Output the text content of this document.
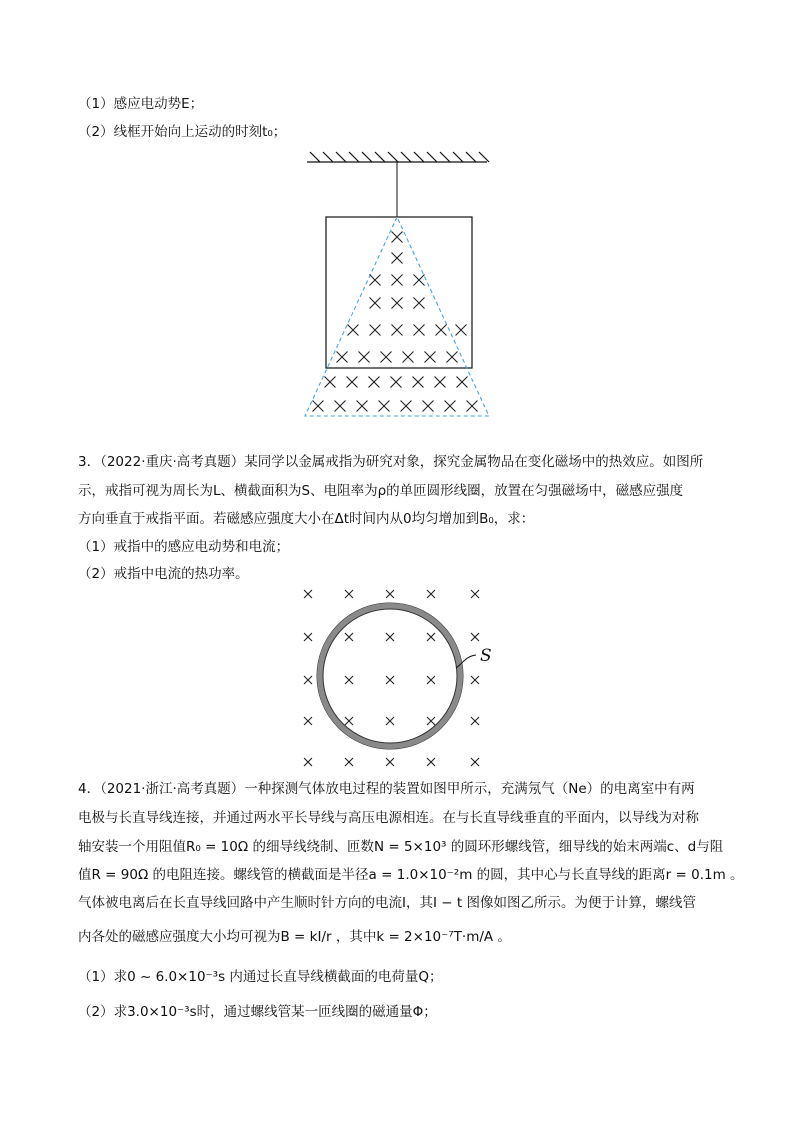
（1）感应电动势E；
（2）线框开始向上运动的时刻t₀；
3．（2022·重庆·高考真题）某同学以金属戒指为研究对象，探究金属物品在变化磁场中的热效应。如图所
示，戒指可视为周长为L、横截面积为S、电阻率为ρ的单匝圆形线圈，放置在匀强磁场中，磁感应强度
方向垂直于戒指平面。若磁感应强度大小在Δt时间内从0均匀增加到B₀，求：
（1）戒指中的感应电动势和电流；
（2）戒指中电流的热功率。
S
4．（2021·浙江·高考真题）一种探测气体放电过程的装置如图甲所示，充满氖气（Ne）的电离室中有两
电极与长直导线连接，并通过两水平长导线与高压电源相连。在与长直导线垂直的平面内，以导线为对称
轴安装一个用阻值R₀ = 10Ω 的细导线绕制、匝数N = 5×10³ 的圆环形螺线管，细导线的始末两端c、d与阻
值R = 90Ω 的电阻连接。螺线管的横截面是半径a = 1.0×10⁻²m 的圆，其中心与长直导线的距离r = 0.1m 。
气体被电离后在长直导线回路中产生顺时针方向的电流I，其I − t 图像如图乙所示。为便于计算，螺线管
内各处的磁感应强度大小均可视为B = kI/r ，其中k = 2×10⁻⁷T·m/A 。
（1）求0 ~ 6.0×10⁻³s 内通过长直导线横截面的电荷量Q；
（2）求3.0×10⁻³s时，通过螺线管某一匝线圈的磁通量Φ；
